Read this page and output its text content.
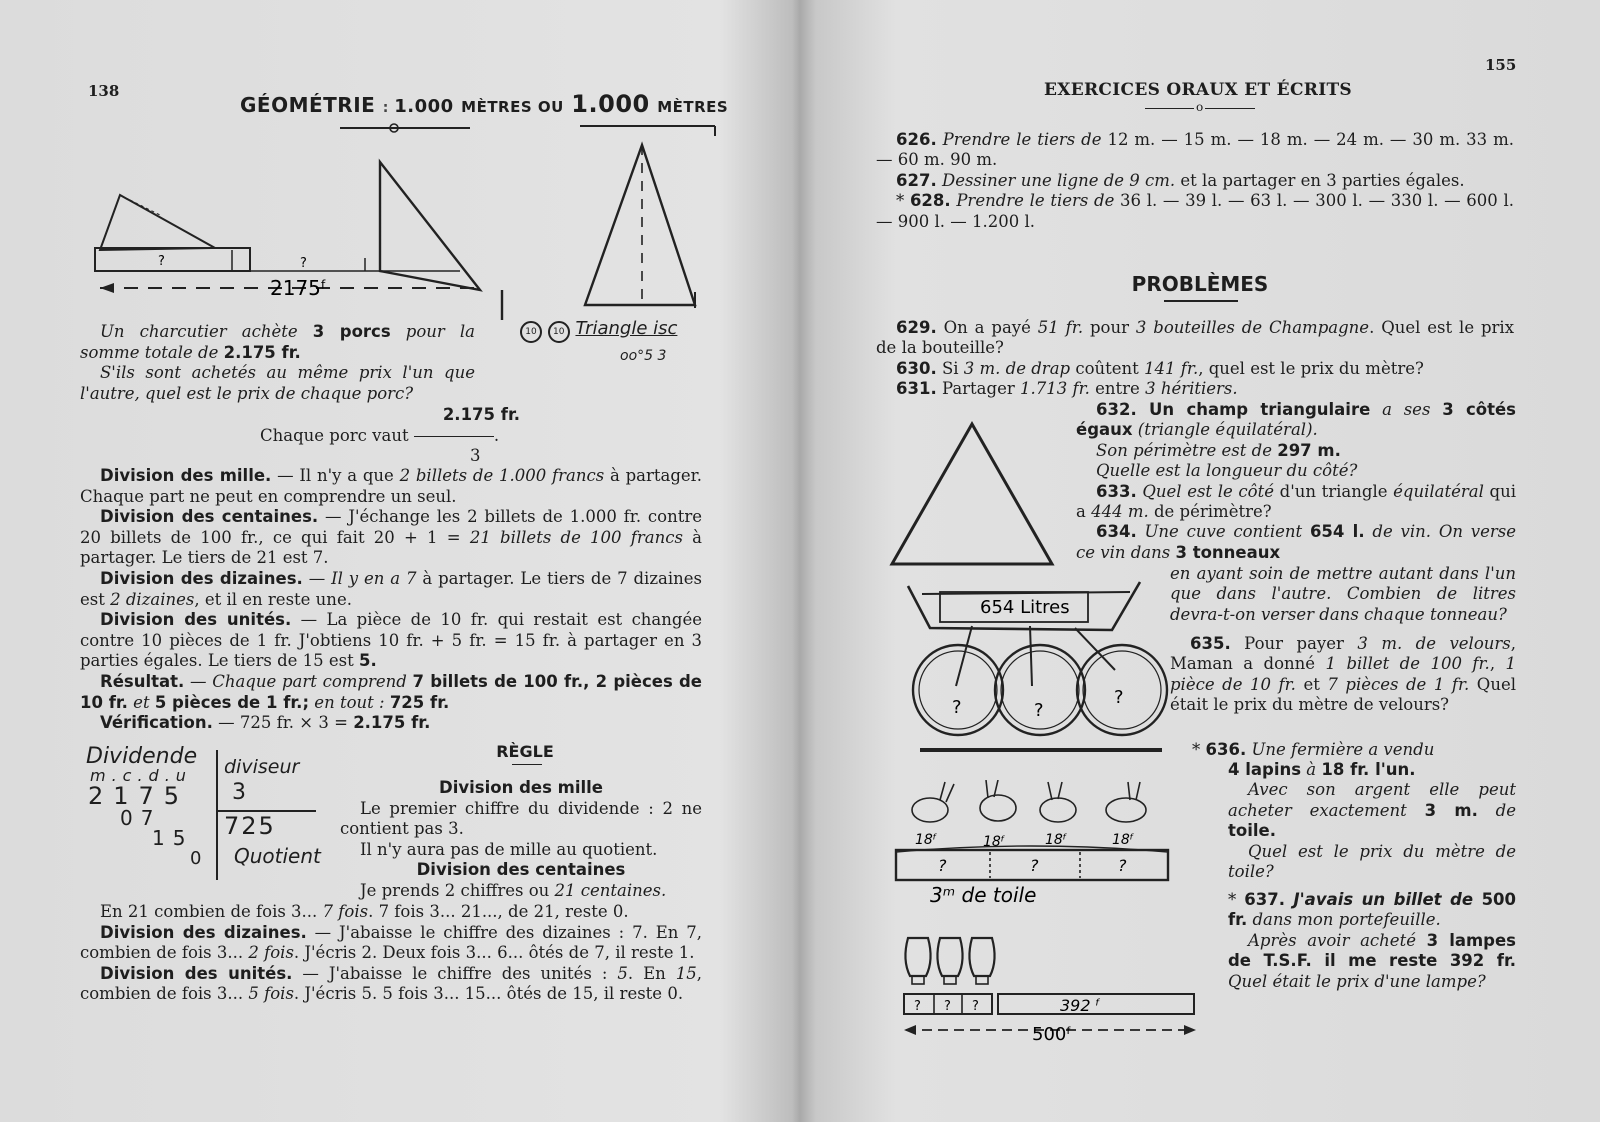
138
GÉOMÉTRIE : 1.000 MÈTRES OU 1.000 MÈTRES
?	?
2175ᶠ
10 10 Triangle isc
oo°5 3

Un charcutier achète 3 porcs pour la somme totale de 2.175 fr.

S'ils sont achetés au même prix l'un que l'autre, quel est le prix de chaque porc?

2.175 fr.
Chaque porc vaut	.
3

Division des mille. — Il n'y a que 2 billets de 1.000 francs à partager. Chaque part ne peut en comprendre un seul.

Division des centaines. — J'échange les 2 billets de 1.000 fr. contre 20 billets de 100 fr., ce qui fait 20 + 1 = 21 billets de 100 francs à partager. Le tiers de 21 est 7.

Division des dizaines. — Il y en a 7 à partager. Le tiers de 7 dizaines est 2 dizaines, et il en reste une.

Division des unités. — La pièce de 10 fr. qui restait est changée contre 10 pièces de 1 fr. J'obtiens 10 fr. + 5 fr. = 15 fr. à partager en 3 parties égales. Le tiers de 15 est 5.

Résultat. — Chaque part comprend 7 billets de 100 fr., 2 pièces de 10 fr. et 5 pièces de 1 fr.; en tout : 725 fr.

Vérification. — 725 fr. × 3 = 2.175 fr.

Dividende
m.c.d.u
2175
diviseur
3
07
15
0
725
Quotient
RÈGLE

Division des mille

Le premier chiffre du dividende : 2 ne contient pas 3.

Il n'y aura pas de mille au quotient.

Division des centaines

Je prends 2 chiffres ou 21 centaines.

En 21 combien de fois 3... 7 fois. 7 fois 3... 21..., de 21, reste 0.

Division des dizaines. — J'abaisse le chiffre des dizaines : 7. En 7, combien de fois 3... 2 fois. J'écris 2. Deux fois 3... 6... ôtés de 7, il reste 1.

Division des unités. — J'abaisse le chiffre des unités : 5. En 15, combien de fois 3... 5 fois. J'écris 5. 5 fois 3... 15... ôtés de 15, il reste 0.

155
EXERCICES ORAUX ET ÉCRITS
o

626. Prendre le tiers de 12 m. — 15 m. — 18 m. — 24 m. — 30 m. 33 m. — 60 m. 90 m.

627. Dessiner une ligne de 9 cm. et la partager en 3 parties égales.

* 628. Prendre le tiers de 36 l. — 39 l. — 63 l. — 300 l. — 330 l. — 600 l. — 900 l. — 1.200 l.

PROBLÈMES

629. On a payé 51 fr. pour 3 bouteilles de Champagne. Quel est le prix de la bouteille?

630. Si 3 m. de drap coûtent 141 fr., quel est le prix du mètre?

631. Partager 1.713 fr. entre 3 héritiers.

632. Un champ triangulaire a ses 3 côtés égaux (triangle équilatéral).

Son périmètre est de 297 m.

Quelle est la longueur du côté?

633. Quel est le côté d'un triangle équilatéral qui a 444 m. de périmètre?

634. Une cuve contient 654 l. de vin. On verse ce vin dans 3 tonneaux

en ayant soin de mettre autant dans l'un que dans l'autre. Combien de litres devra-t-on verser dans chaque tonneau?
654 Litres
?	?
?

635. Pour payer 3 m. de velours, Maman a donné 1 billet de 100 fr., 1 pièce de 10 fr. et 7 pièces de 1 fr. Quel était le prix du mètre de velours?

* 636. Une fermière a vendu

4 lapins à 18 fr. l'un.

Avec son argent elle peut acheter exactement 3 m. de toile.

Quel est le prix du mètre de toile?

18ᶠ	18ᶠ	18ᶠ	18ᶠ
?	?	?
3ᵐ de toile	* 637. J'avais un billet de 500 fr. dans mon portefeuille.

Après avoir acheté 3 lampes de T.S.F. il me reste 392 fr. Quel était le prix d'une lampe?

? ? ?	392 ᶠ
500ᶠ
